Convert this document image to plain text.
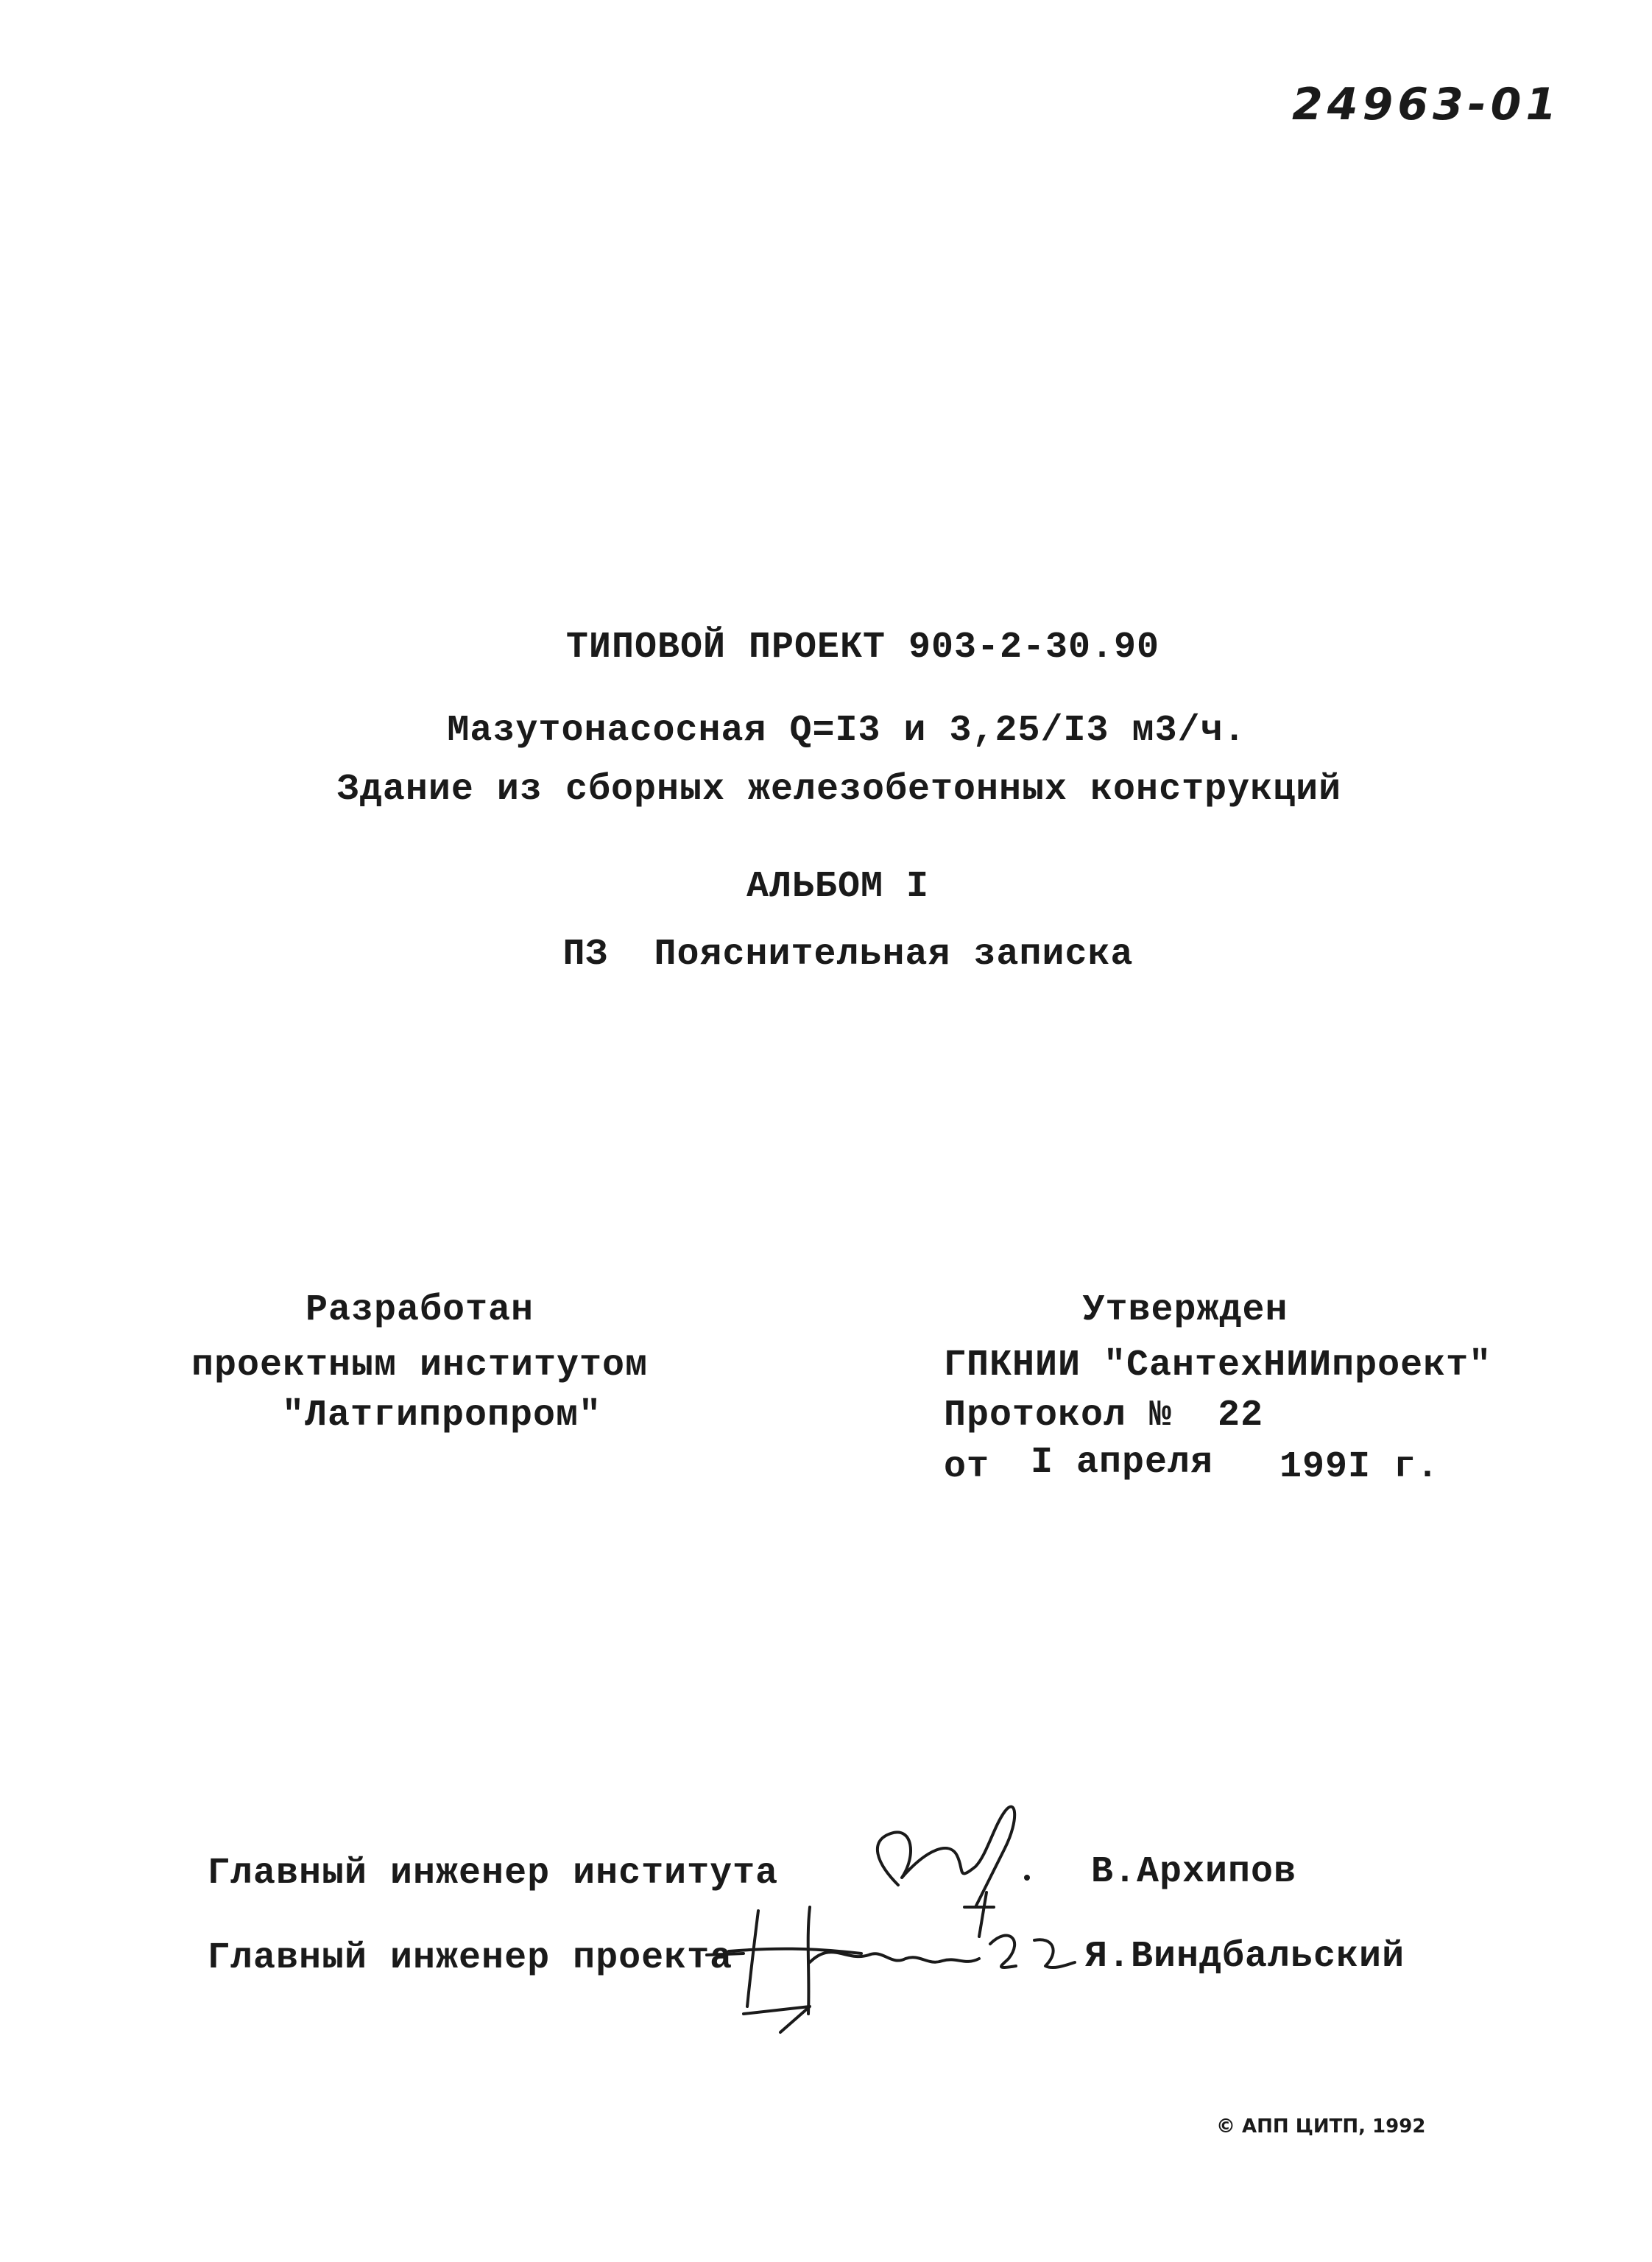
24963-01
ТИПОВОЙ ПРОЕКТ 903-2-30.90
Мазутонасосная Q=I3 и 3,25/I3 м3/ч.
Здание из сборных железобетонных конструкций
АЛЬБОМ I
ПЗ  Пояснительная записка
Разработан
проектным институтом
"Латгипропром"
Утвержден
ГПКНИИ "СантехНИИпроект"
Протокол №  22
от I апреля 199I г.
Главный инженер института	В.Архипов
Главный инженер проекта	Я.Виндбальский
© АПП ЦИТП, 1992
